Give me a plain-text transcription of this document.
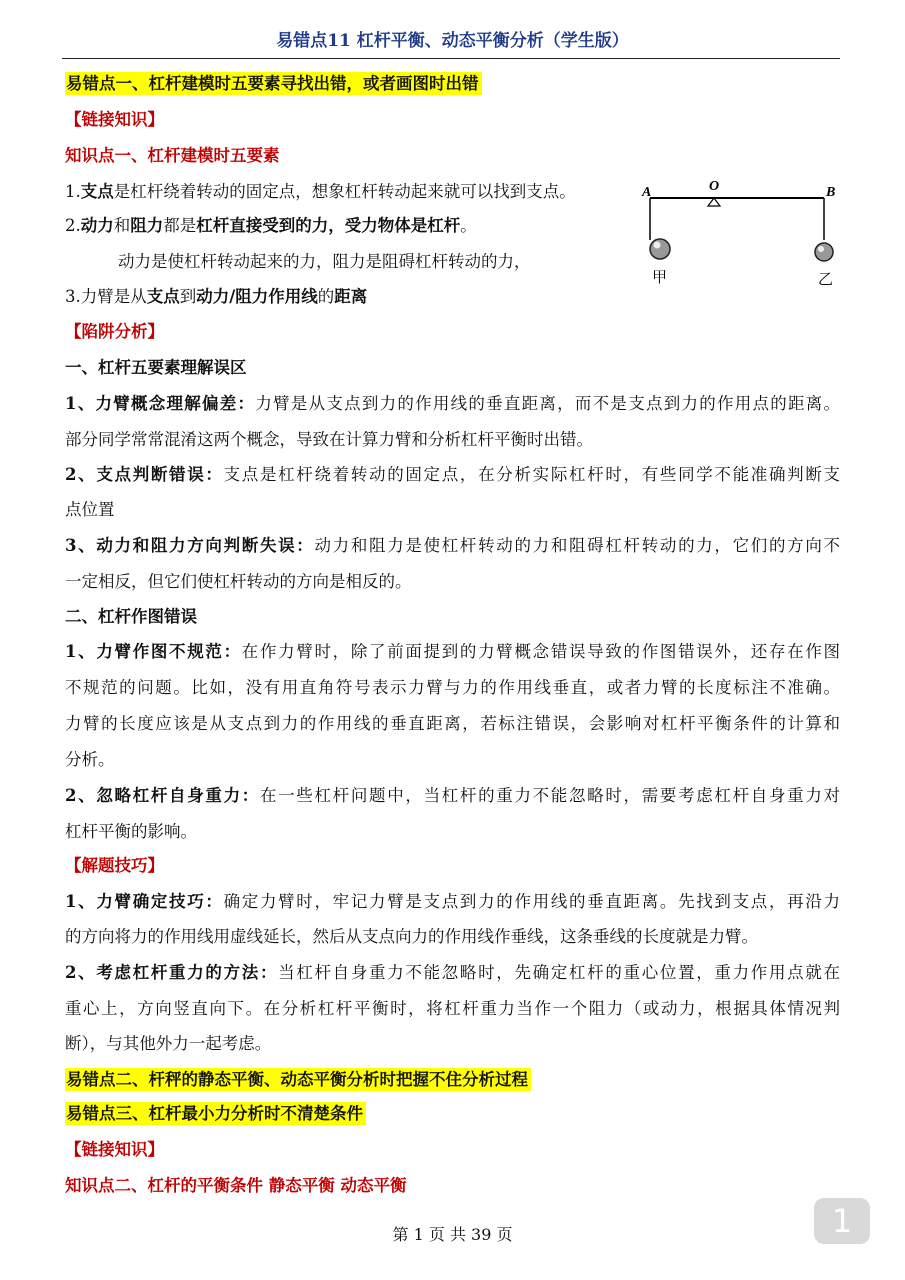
易错点11 杠杆平衡、动态平衡分析（学生版）
易错点一、杠杆建模时五要素寻找出错，或者画图时出错
【链接知识】
知识点一、杠杆建模时五要素
1.支点是杠杆绕着转动的固定点，想象杠杆转动起来就可以找到支点。
2.动力和阻力都是杠杆直接受到的力，受力物体是杠杆。
动力是使杠杆转动起来的力，阻力是阻碍杠杆转动的力，
3.力臂是从支点到动力/阻力作用线的距离
A	O	B
甲	乙
【陷阱分析】
一、杠杆五要素理解误区
1、力臂概念理解偏差：力臂是从支点到力的作用线的垂直距离，而不是支点到力的作用点的距离。
部分同学常常混淆这两个概念，导致在计算力臂和分析杠杆平衡时出错。
2、支点判断错误：支点是杠杆绕着转动的固定点，在分析实际杠杆时，有些同学不能准确判断支
点位置
3、动力和阻力方向判断失误：动力和阻力是使杠杆转动的力和阻碍杠杆转动的力，它们的方向不
一定相反，但它们使杠杆转动的方向是相反的。
二、杠杆作图错误
1、力臂作图不规范：在作力臂时，除了前面提到的力臂概念错误导致的作图错误外，还存在作图
不规范的问题。比如，没有用直角符号表示力臂与力的作用线垂直，或者力臂的长度标注不准确。
力臂的长度应该是从支点到力的作用线的垂直距离，若标注错误，会影响对杠杆平衡条件的计算和
分析。
2、忽略杠杆自身重力：在一些杠杆问题中，当杠杆的重力不能忽略时，需要考虑杠杆自身重力对
杠杆平衡的影响。
【解题技巧】
1、力臂确定技巧：确定力臂时，牢记力臂是支点到力的作用线的垂直距离。先找到支点，再沿力
的方向将力的作用线用虚线延长，然后从支点向力的作用线作垂线，这条垂线的长度就是力臂。
2、考虑杠杆重力的方法：当杠杆自身重力不能忽略时，先确定杠杆的重心位置，重力作用点就在
重心上，方向竖直向下。在分析杠杆平衡时，将杠杆重力当作一个阻力（或动力，根据具体情况判
断），与其他外力一起考虑。
易错点二、杆秤的静态平衡、动态平衡分析时把握不住分析过程
易错点三、杠杆最小力分析时不清楚条件
【链接知识】
知识点二、杠杆的平衡条件 静态平衡 动态平衡
第 1 页 共 39 页	1
